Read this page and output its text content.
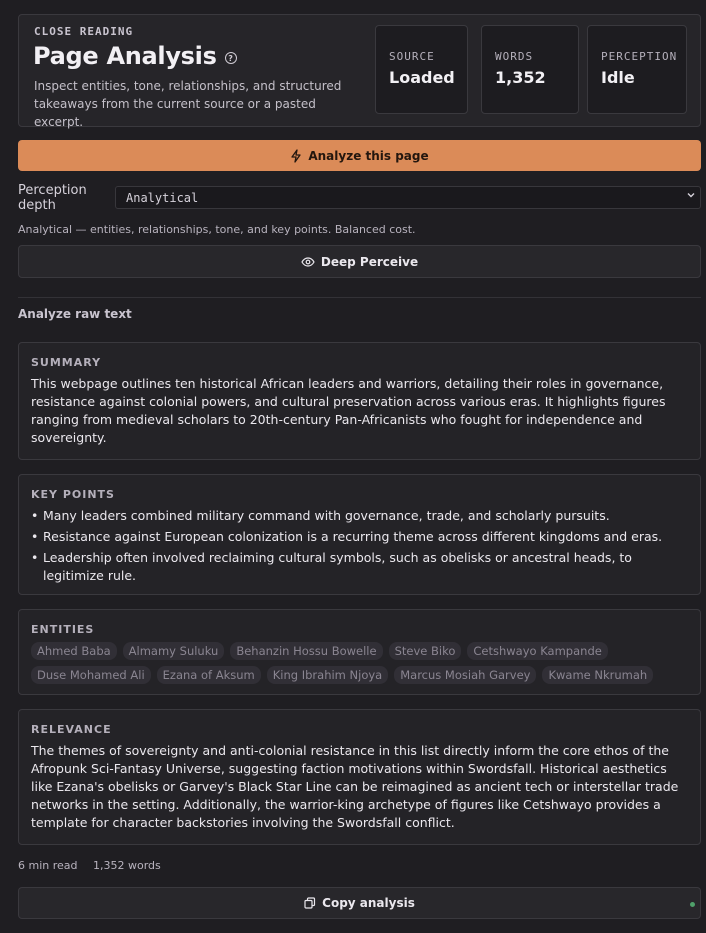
CLOSE READING
Page Analysis	?
Inspect entities, tone, relationships, and structured takeaways from the current source or a pasted excerpt.
SOURCE
Loaded
WORDS
1,352
PERCEPTION
Idle
Analyze this page
Perception depth	Analytical
Analytical — entities, relationships, tone, and key points. Balanced cost.
Deep Perceive
Analyze raw text
SUMMARY
This webpage outlines ten historical African leaders and warriors, detailing their roles in governance, resistance against colonial powers, and cultural preservation across various eras. It highlights figures ranging from medieval scholars to 20th-century Pan-Africanists who fought for independence and sovereignty.
KEY POINTS
• Many leaders combined military command with governance, trade, and scholarly pursuits.
• Resistance against European colonization is a recurring theme across different kingdoms and eras.
• Leadership often involved reclaiming cultural symbols, such as obelisks or ancestral heads, to legitimize rule.
ENTITIES
Ahmed Baba	Almamy Suluku	Behanzin Hossu Bowelle	Steve Biko	Cetshwayo Kampande
Duse Mohamed Ali	Ezana of Aksum	King Ibrahim Njoya	Marcus Mosiah Garvey	Kwame Nkrumah
RELEVANCE
The themes of sovereignty and anti-colonial resistance in this list directly inform the core ethos of the Afropunk Sci-Fantasy Universe, suggesting faction motivations within Swordsfall. Historical aesthetics like Ezana's obelisks or Garvey's Black Star Line can be reimagined as ancient tech or interstellar trade networks in the setting. Additionally, the warrior-king archetype of figures like Cetshwayo provides a template for character backstories involving the Swordsfall conflict.
6 min read 1,352 words
Copy analysis
